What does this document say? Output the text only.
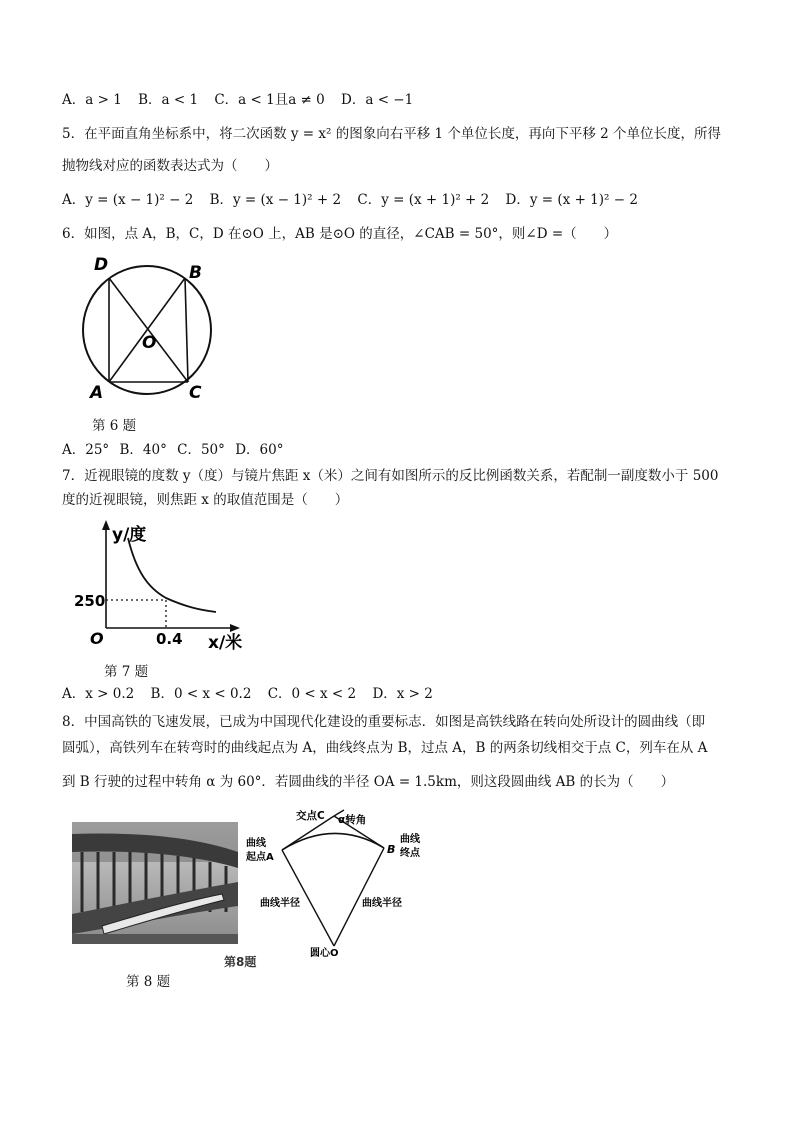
A．a > 1 B．a < 1 C．a < 1且a ≠ 0 D．a < −1
5．在平面直角坐标系中，将二次函数 y = x² 的图象向右平移 1 个单位长度，再向下平移 2 个单位长度，所得
抛物线对应的函数表达式为（　　）
A．y = (x − 1)² − 2 B．y = (x − 1)² + 2 C．y = (x + 1)² + 2 D．y = (x + 1)² − 2
6．如图，点 A，B，C，D 在⊙O 上，AB 是⊙O 的直径，∠CAB = 50°，则∠D =（　　）
D	B
O
A	C
第 6 题
A．25° B．40° C．50° D．60°
7．近视眼镜的度数 y（度）与镜片焦距 x（米）之间有如图所示的反比例函数关系，若配制一副度数小于 500
度的近视眼镜，则焦距 x 的取值范围是（　　）
y/度
x/米
O
250
0.4
第 7 题
A．x > 0.2 B．0 < x < 0.2 C．0 < x < 2 D．x > 2
8．中国高铁的飞速发展，已成为中国现代化建设的重要标志．如图是高铁线路在转向处所设计的圆曲线（即
圆弧），高铁列车在转弯时的曲线起点为 A，曲线终点为 B，过点 A，B 的两条切线相交于点 C，列车在从 A
到 B 行驶的过程中转角 α 为 60°．若圆曲线的半径 OA = 1.5km，则这段圆曲线 AB 的长为（　　）
交点C α转角
曲线
起点A
曲线
终点
B
曲线半径	曲线半径
圆心O
第8题
第 8 题
